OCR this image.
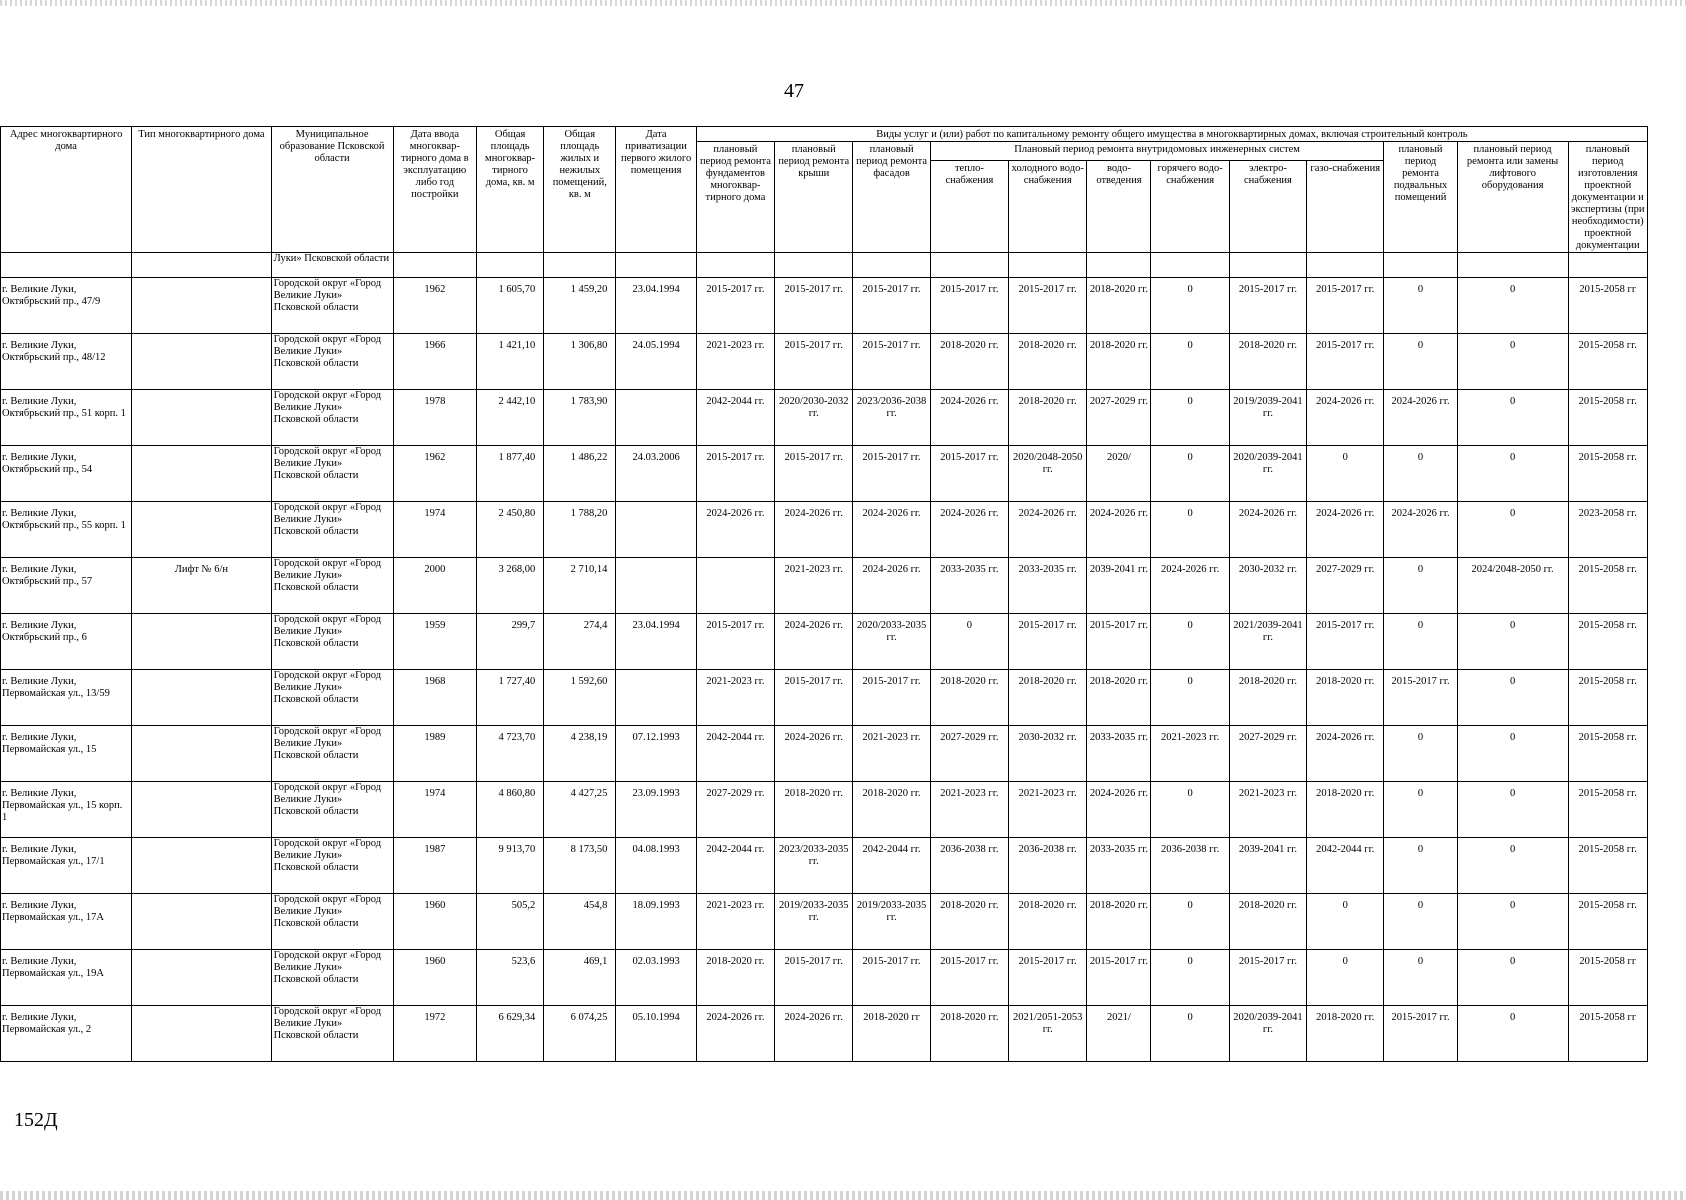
47
Адрес многоквартирного дома	Тип многоквартирного дома	Муниципальное образование Псковской области	Дата ввода многоквар-тирного дома в эксплуатацию либо год постройки	Общая площадь многоквар-тирного дома, кв. м	Общая площадь жилых и нежилых помещений, кв. м	Дата приватизации первого жилого помещения	Виды услуг и (или) работ по капитальному ремонту общего имущества в многоквартирных домах, включая строительный контроль											
							плановый период ремонта фундаментов многоквар-тирного дома	плановый период ремонта крыши	плановый период ремонта фасадов	Плановый период ремонта внутридомовых инженерных систем						плановый период ремонта подвальных помещений	плановый период ремонта или замены лифтового оборудования	плановый период изготовления проектной документации и экспертизы (при необходимости) проектной документации
										тепло-снабжения	холодного водо-снабжения	водо-отведения	горячего водо-снабжения	электро-снабжения	газо-снабжения			
		Луки» Псковской области																
г. Великие Луки, Октябрьский пр., 47/9		Городской округ «Город Великие Луки» Псковской области	1962	1 605,70	1 459,20	23.04.1994	2015-2017 гг.	2015-2017 гг.	2015-2017 гг.	2015-2017 гг.	2015-2017 гг.	2018-2020 гг.	0	2015-2017 гг.	2015-2017 гг.	0	0	2015-2058 гг
г. Великие Луки, Октябрьский пр., 48/12		Городской округ «Город Великие Луки» Псковской области	1966	1 421,10	1 306,80	24.05.1994	2021-2023 гг.	2015-2017 гг.	2015-2017 гг.	2018-2020 гг.	2018-2020 гг.	2018-2020 гг.	0	2018-2020 гг.	2015-2017 гг.	0	0	2015-2058 гг.
г. Великие Луки, Октябрьский пр., 51 корп. 1		Городской округ «Город Великие Луки» Псковской области	1978	2 442,10	1 783,90		2042-2044 гг.	2020/2030-2032 гг.	2023/2036-2038 гг.	2024-2026 гг.	2018-2020 гг.	2027-2029 гг.	0	2019/2039-2041 гг.	2024-2026 гг.	2024-2026 гг.	0	2015-2058 гг.
г. Великие Луки, Октябрьский пр., 54		Городской округ «Город Великие Луки» Псковской области	1962	1 877,40	1 486,22	24.03.2006	2015-2017 гг.	2015-2017 гг.	2015-2017 гг.	2015-2017 гг.	2020/2048-2050 гг.	2020/	0	2020/2039-2041 гг.	0	0	0	2015-2058 гг.
г. Великие Луки, Октябрьский пр., 55 корп. 1		Городской округ «Город Великие Луки» Псковской области	1974	2 450,80	1 788,20		2024-2026 гг.	2024-2026 гг.	2024-2026 гг.	2024-2026 гг.	2024-2026 гг.	2024-2026 гг.	0	2024-2026 гг.	2024-2026 гг.	2024-2026 гг.	0	2023-2058 гг.
г. Великие Луки, Октябрьский пр., 57	Лифт № 6/н	Городской округ «Город Великие Луки» Псковской области	2000	3 268,00	2 710,14			2021-2023 гг.	2024-2026 гг.	2033-2035 гг.	2033-2035 гг.	2039-2041 гг.	2024-2026 гг.	2030-2032 гг.	2027-2029 гг.	0	2024/2048-2050 гг.	2015-2058 гг.
г. Великие Луки, Октябрьский пр., 6		Городской округ «Город Великие Луки» Псковской области	1959	299,7	274,4	23.04.1994	2015-2017 гг.	2024-2026 гг.	2020/2033-2035 гг.	0	2015-2017 гг.	2015-2017 гг.	0	2021/2039-2041 гг.	2015-2017 гг.	0	0	2015-2058 гг.
г. Великие Луки, Первомайская ул., 13/59		Городской округ «Город Великие Луки» Псковской области	1968	1 727,40	1 592,60		2021-2023 гг.	2015-2017 гг.	2015-2017 гг.	2018-2020 гг.	2018-2020 гг.	2018-2020 гг.	0	2018-2020 гг.	2018-2020 гг.	2015-2017 гг.	0	2015-2058 гг.
г. Великие Луки, Первомайская ул., 15		Городской округ «Город Великие Луки» Псковской области	1989	4 723,70	4 238,19	07.12.1993	2042-2044 гг.	2024-2026 гг.	2021-2023 гг.	2027-2029 гг.	2030-2032 гг.	2033-2035 гг.	2021-2023 гг.	2027-2029 гг.	2024-2026 гг.	0	0	2015-2058 гг.
г. Великие Луки, Первомайская ул., 15 корп. 1		Городской округ «Город Великие Луки» Псковской области	1974	4 860,80	4 427,25	23.09.1993	2027-2029 гг.	2018-2020 гг.	2018-2020 гг.	2021-2023 гг.	2021-2023 гг.	2024-2026 гг.	0	2021-2023 гг.	2018-2020 гг.	0	0	2015-2058 гг.
г. Великие Луки, Первомайская ул., 17/1		Городской округ «Город Великие Луки» Псковской области	1987	9 913,70	8 173,50	04.08.1993	2042-2044 гг.	2023/2033-2035 гг.	2042-2044 гг.	2036-2038 гг.	2036-2038 гг.	2033-2035 гг.	2036-2038 гг.	2039-2041 гг.	2042-2044 гг.	0	0	2015-2058 гг.
г. Великие Луки, Первомайская ул., 17А		Городской округ «Город Великие Луки» Псковской области	1960	505,2	454,8	18.09.1993	2021-2023 гг.	2019/2033-2035 гг.	2019/2033-2035 гг.	2018-2020 гг.	2018-2020 гг.	2018-2020 гг.	0	2018-2020 гг.	0	0	0	2015-2058 гг.
г. Великие Луки, Первомайская ул., 19А		Городской округ «Город Великие Луки» Псковской области	1960	523,6	469,1	02.03.1993	2018-2020 гг.	2015-2017 гг.	2015-2017 гг.	2015-2017 гг.	2015-2017 гг.	2015-2017 гг.	0	2015-2017 гг.	0	0	0	2015-2058 гг
г. Великие Луки, Первомайская ул., 2		Городской округ «Город Великие Луки» Псковской области	1972	6 629,34	6 074,25	05.10.1994	2024-2026 гг.	2024-2026 гг.	2018-2020 гг	2018-2020 гг.	2021/2051-2053 гг.	2021/	0	2020/2039-2041 гг.	2018-2020 гг.	2015-2017 гг.	0	2015-2058 гг
152Д
